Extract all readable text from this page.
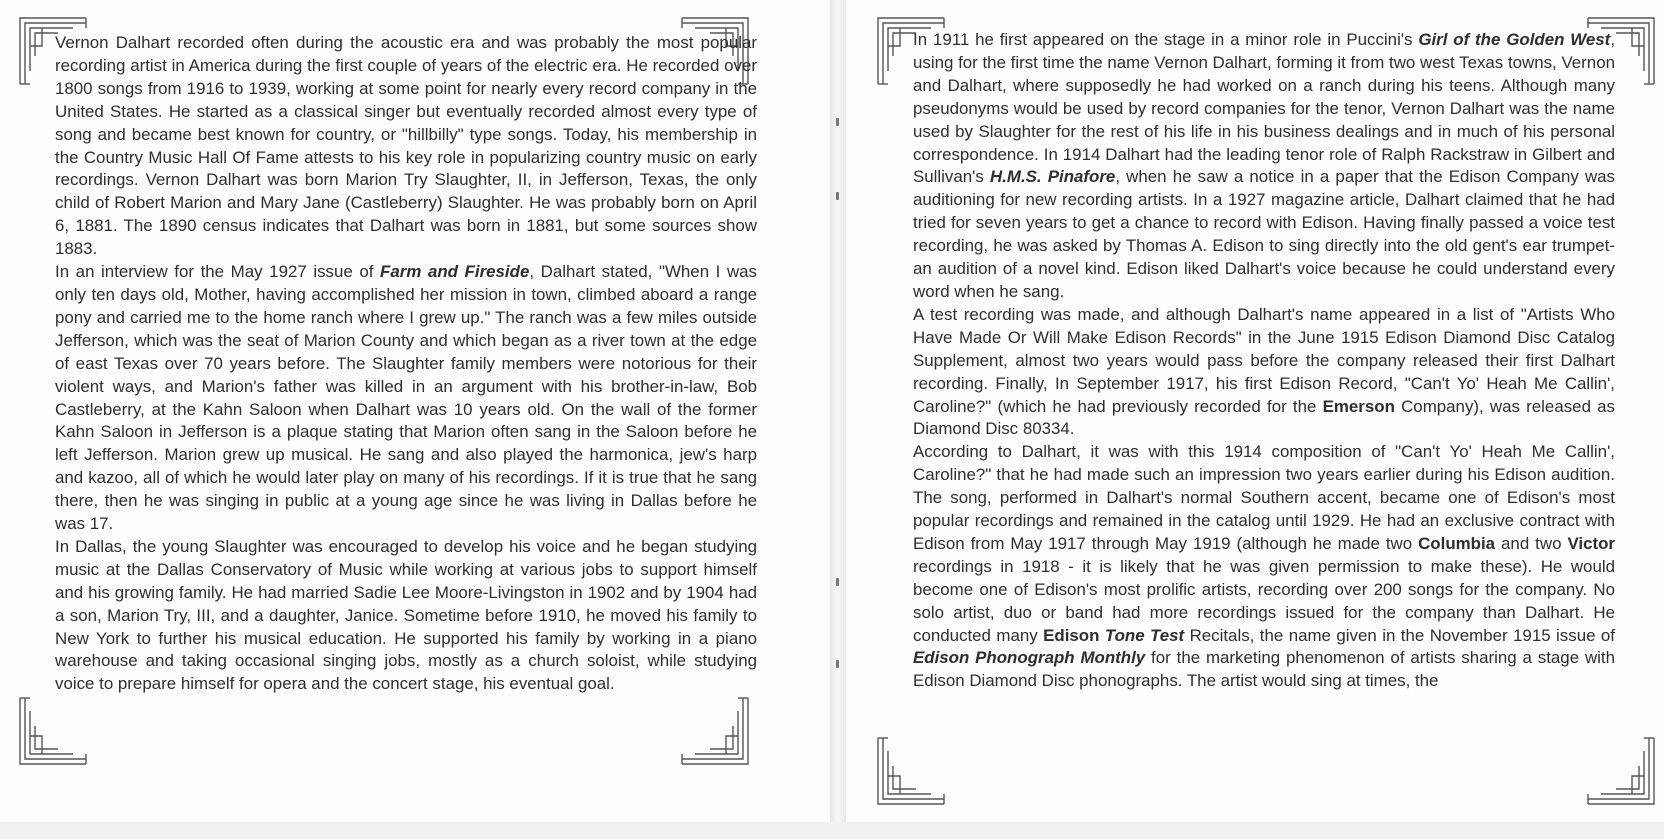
Vernon Dalhart recorded often during the acoustic era and was probably the most popular recording artist in America during the first couple of years of the electric era. He recorded over 1800 songs from 1916 to 1939, working at some point for nearly every record company in the United States. He started as a classical singer but eventually recorded almost every type of song and became best known for country, or "hillbilly" type songs. Today, his membership in the Country Music Hall Of Fame attests to his key role in popularizing country music on early recordings. Vernon Dalhart was born Marion Try Slaughter, II, in Jefferson, Texas, the only child of Robert Marion and Mary Jane (Castleberry) Slaughter. He was probably born on April 6, 1881. The 1890 census indicates that Dalhart was born in 1881, but some sources show 1883.

In an interview for the May 1927 issue of Farm and Fireside, Dalhart stated, "When I was only ten days old, Mother, having accomplished her mission in town, climbed aboard a range pony and carried me to the home ranch where I grew up." The ranch was a few miles outside Jefferson, which was the seat of Marion County and which began as a river town at the edge of east Texas over 70 years before. The Slaughter family members were notorious for their violent ways, and Marion's father was killed in an argument with his brother-in-law, Bob Castleberry, at the Kahn Saloon when Dalhart was 10 years old. On the wall of the former Kahn Saloon in Jefferson is a plaque stating that Marion often sang in the Saloon before he left Jefferson. Marion grew up musical. He sang and also played the harmonica, jew's harp and kazoo, all of which he would later play on many of his recordings. If it is true that he sang there, then he was singing in public at a young age since he was living in Dallas before he was 17.

In Dallas, the young Slaughter was encouraged to develop his voice and he began studying music at the Dallas Conservatory of Music while working at various jobs to support himself and his growing family. He had married Sadie Lee Moore-Livingston in 1902 and by 1904 had a son, Marion Try, III, and a daughter, Janice. Sometime before 1910, he moved his family to New York to further his musical education. He supported his family by working in a piano warehouse and taking occasional singing jobs, mostly as a church soloist, while studying voice to prepare himself for opera and the concert stage, his eventual goal.

In 1911 he first appeared on the stage in a minor role in Puccini's Girl of the Golden West, using for the first time the name Vernon Dalhart, forming it from two west Texas towns, Vernon and Dalhart, where supposedly he had worked on a ranch during his teens. Although many pseudonyms would be used by record companies for the tenor, Vernon Dalhart was the name used by Slaughter for the rest of his life in his business dealings and in much of his personal correspondence. In 1914 Dalhart had the leading tenor role of Ralph Rackstraw in Gilbert and Sullivan's H.M.S. Pinafore, when he saw a notice in a paper that the Edison Company was auditioning for new recording artists. In a 1927 magazine article, Dalhart claimed that he had tried for seven years to get a chance to record with Edison. Having finally passed a voice test recording, he was asked by Thomas A. Edison to sing directly into the old gent's ear trumpet-an audition of a novel kind. Edison liked Dalhart's voice because he could understand every word when he sang.

A test recording was made, and although Dalhart's name appeared in a list of "Artists Who Have Made Or Will Make Edison Records" in the June 1915 Edison Diamond Disc Catalog Supplement, almost two years would pass before the company released their first Dalhart recording. Finally, In September 1917, his first Edison Record, "Can't Yo' Heah Me Callin', Caroline?" (which he had previously recorded for the Emerson Company), was released as Diamond Disc 80334.

According to Dalhart, it was with this 1914 composition of "Can't Yo' Heah Me Callin', Caroline?" that he had made such an impression two years earlier during his Edison audition. The song, performed in Dalhart's normal Southern accent, became one of Edison's most popular recordings and remained in the catalog until 1929. He had an exclusive contract with Edison from May 1917 through May 1919 (although he made two Columbia and two Victor recordings in 1918 - it is likely that he was given permission to make these). He would become one of Edison's most prolific artists, recording over 200 songs for the company. No solo artist, duo or band had more recordings issued for the company than Dalhart. He conducted many Edison Tone Test Recitals, the name given in the November 1915 issue of Edison Phonograph Monthly for the marketing phenomenon of artists sharing a stage with Edison Diamond Disc phonographs. The artist would sing at times, the
